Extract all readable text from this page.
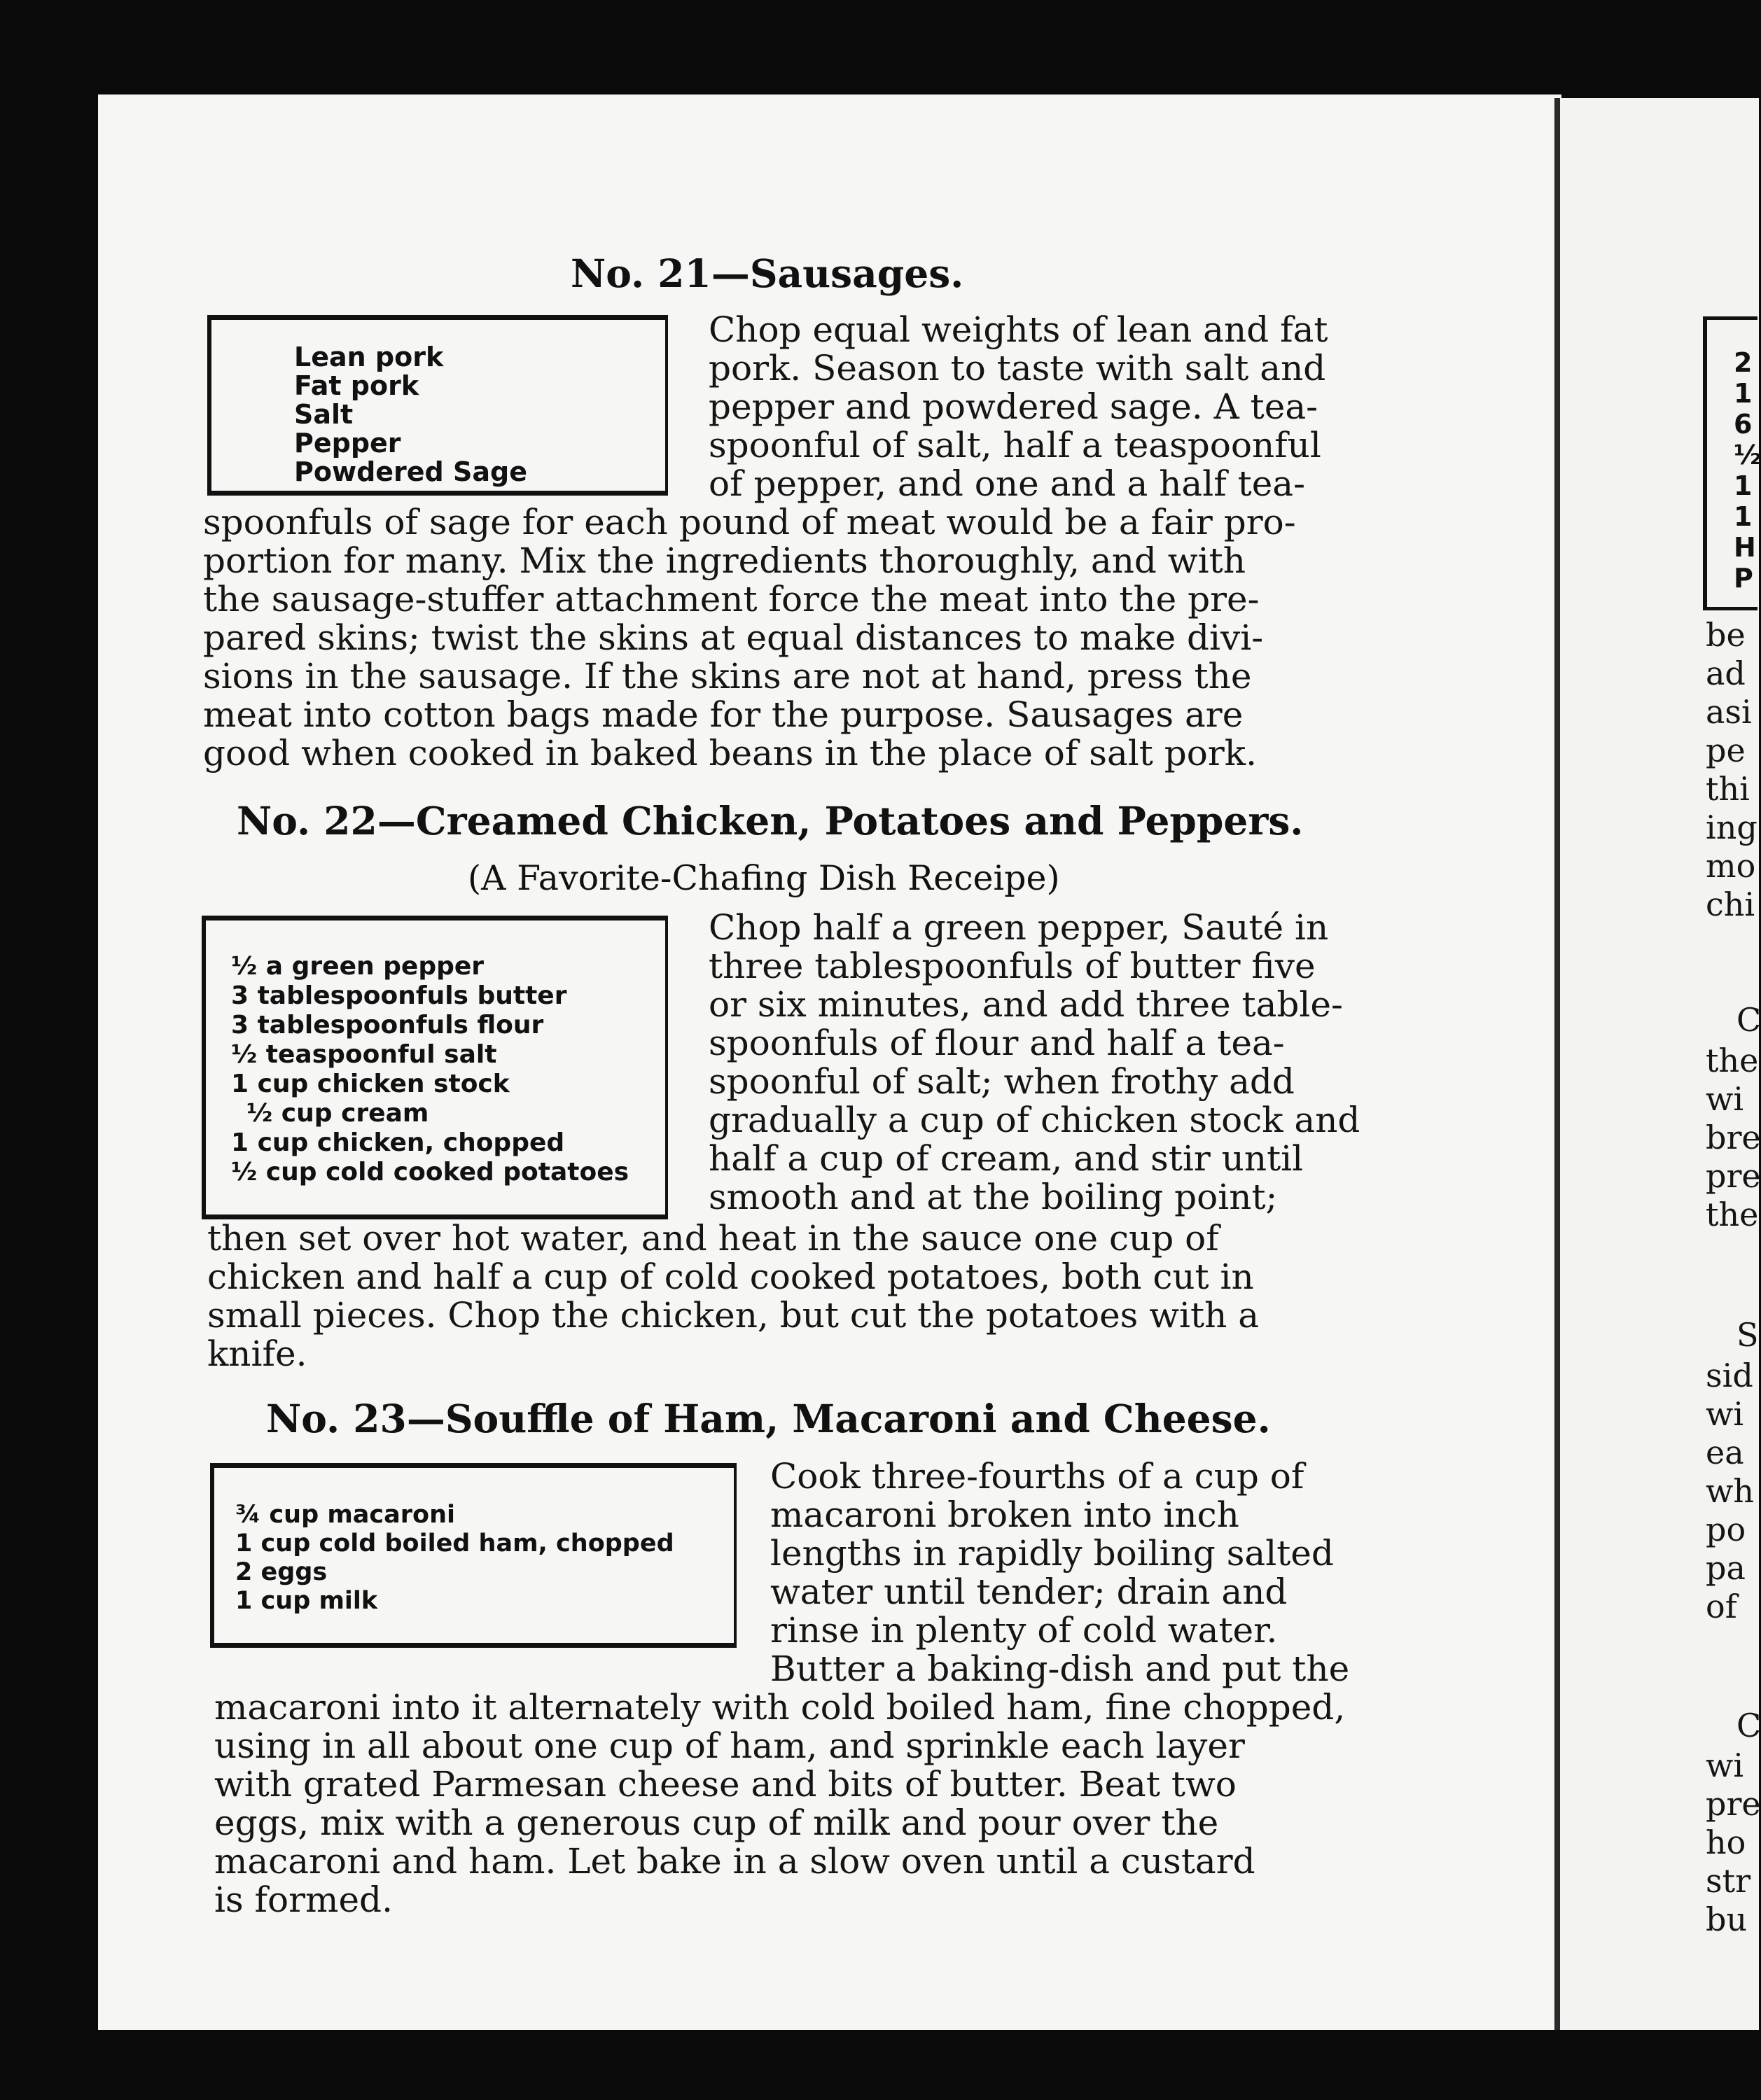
No. 21—Sausages.
Lean pork
Fat pork
Salt
Pepper
Powdered Sage
Chop equal weights of lean and fat
pork. Season to taste with salt and
pepper and powdered sage. A tea-
spoonful of salt, half a teaspoonful
of pepper, and one and a half tea-
spoonfuls of sage for each pound of meat would be a fair pro-
portion for many. Mix the ingredients thoroughly, and with
the sausage-stuffer attachment force the meat into the pre-
pared skins; twist the skins at equal distances to make divi-
sions in the sausage. If the skins are not at hand, press the
meat into cotton bags made for the purpose. Sausages are
good when cooked in baked beans in the place of salt pork.
No. 22—Creamed Chicken, Potatoes and Peppers.
(A Favorite-Chafing Dish Receipe)
½ a green pepper
3 tablespoonfuls butter
3 tablespoonfuls flour
½ teaspoonful salt
1 cup chicken stock
½ cup cream
1 cup chicken, chopped
½ cup cold cooked potatoes
Chop half a green pepper, Sauté in
three tablespoonfuls of butter five
or six minutes, and add three table-
spoonfuls of flour and half a tea-
spoonful of salt; when frothy add
gradually a cup of chicken stock and
half a cup of cream, and stir until
smooth and at the boiling point;
then set over hot water, and heat in the sauce one cup of
chicken and half a cup of cold cooked potatoes, both cut in
small pieces. Chop the chicken, but cut the potatoes with a
knife.
No. 23—Souffle of Ham, Macaroni and Cheese.
¾ cup macaroni
1 cup cold boiled ham, chopped
2 eggs
1 cup milk
Cook three-fourths of a cup of
macaroni broken into inch
lengths in rapidly boiling salted
water until tender; drain and
rinse in plenty of cold water.
Butter a baking-dish and put the
macaroni into it alternately with cold boiled ham, fine chopped,
using in all about one cup of ham, and sprinkle each layer
with grated Parmesan cheese and bits of butter. Beat two
eggs, mix with a generous cup of milk and pour over the
macaroni and ham. Let bake in a slow oven until a custard
is formed.
2
1
6
½
1
1
H
P
be
ad
asi
pe
thi
ing
mo
chi
C
the
wi
bre
pre
the
S
sid
wi
ea
wh
po
pa
of
C
wi
pre
ho
str
bu
